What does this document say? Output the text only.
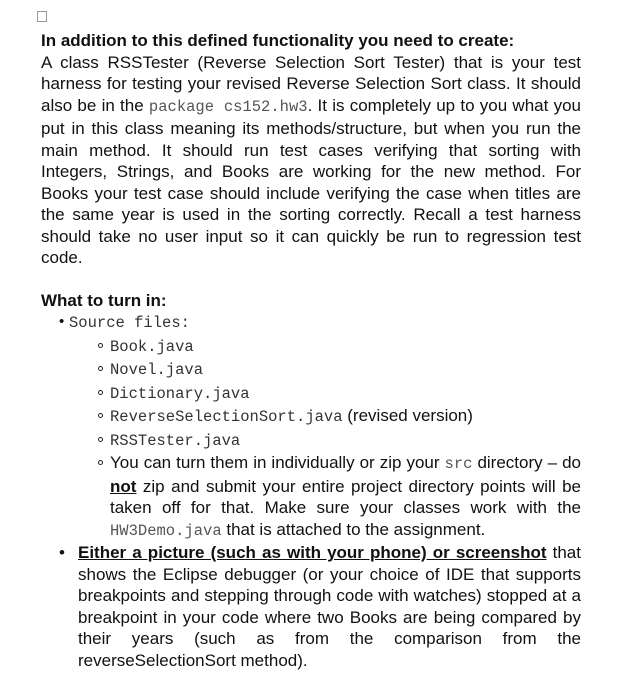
In addition to this defined functionality you need to create:

A class RSSTester (Reverse Selection Sort Tester) that is your test harness for testing your revised Reverse Selection Sort class. It should also be in the package cs152.hw3. It is completely up to you what you put in this class meaning its methods/structure, but when you run the main method. It should run test cases verifying that sorting with Integers, Strings, and Books are working for the new method. For Books your test case should include verifying the case when titles are the same year is used in the sorting correctly. Recall a test harness should take no user input so it can quickly be run to regression test code.

What to turn in:

• Source files:
Book.java
Novel.java
Dictionary.java
ReverseSelectionSort.java (revised version)
RSSTester.java
You can turn them in individually or zip your src directory – do not zip and submit your entire project directory points will be taken off for that. Make sure your classes work with the HW3Demo.java that is attached to the assignment.
• Either a picture (such as with your phone) or screenshot that shows the Eclipse debugger (or your choice of IDE that supports breakpoints and stepping through code with watches) stopped at a breakpoint in your code where two Books are being compared by their years (such as from the comparison from the reverseSelectionSort method).
